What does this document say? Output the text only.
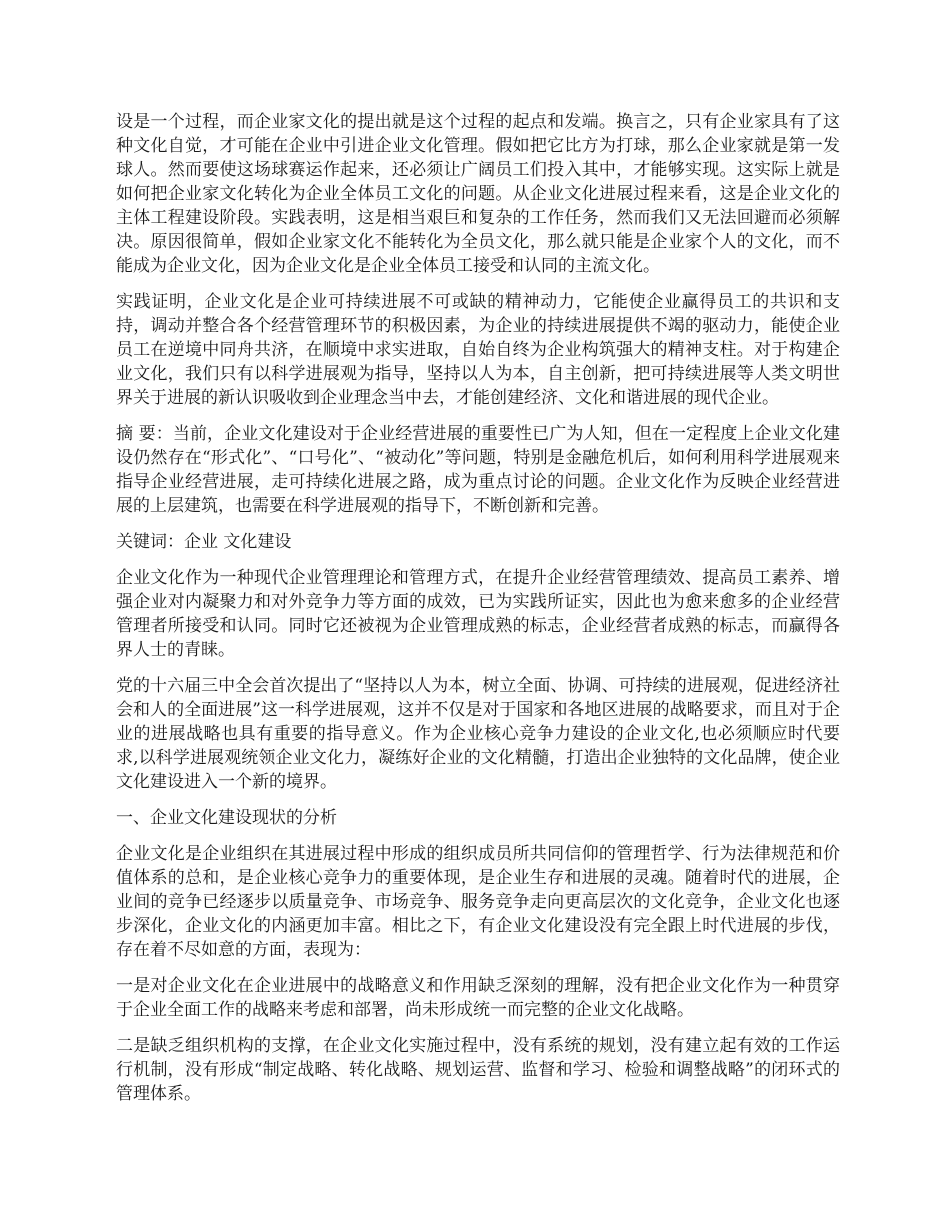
设是一个过程，而企业家文化的提出就是这个过程的起点和发端。换言之，只有企业家具有了这种文化自觉，才可能在企业中引进企业文化管理。假如把它比方为打球，那么企业家就是第一发球人。然而要使这场球赛运作起来，还必须让广阔员工们投入其中，才能够实现。这实际上就是如何把企业家文化转化为企业全体员工文化的问题。从企业文化进展过程来看，这是企业文化的主体工程建设阶段。实践表明，这是相当艰巨和复杂的工作任务，然而我们又无法回避而必须解决。原因很简单，假如企业家文化不能转化为全员文化，那么就只能是企业家个人的文化，而不能成为企业文化，因为企业文化是企业全体员工接受和认同的主流文化。

实践证明，企业文化是企业可持续进展不可或缺的精神动力，它能使企业赢得员工的共识和支持，调动并整合各个经营管理环节的积极因素，为企业的持续进展提供不竭的驱动力，能使企业员工在逆境中同舟共济，在顺境中求实进取，自始自终为企业构筑强大的精神支柱。对于构建企业文化，我们只有以科学进展观为指导，坚持以人为本，自主创新，把可持续进展等人类文明世界关于进展的新认识吸收到企业理念当中去，才能创建经济、文化和谐进展的现代企业。

摘 要：当前，企业文化建设对于企业经营进展的重要性已广为人知，但在一定程度上企业文化建设仍然存在“形式化”、“口号化”、“被动化”等问题，特别是金融危机后，如何利用科学进展观来指导企业经营进展，走可持续化进展之路，成为重点讨论的问题。企业文化作为反映企业经营进展的上层建筑，也需要在科学进展观的指导下，不断创新和完善。

关键词：企业 文化建设

企业文化作为一种现代企业管理理论和管理方式，在提升企业经营管理绩效、提高员工素养、增强企业对内凝聚力和对外竞争力等方面的成效，已为实践所证实，因此也为愈来愈多的企业经营管理者所接受和认同。同时它还被视为企业管理成熟的标志，企业经营者成熟的标志，而赢得各界人士的青睐。

党的十六届三中全会首次提出了“坚持以人为本，树立全面、协调、可持续的进展观，促进经济社会和人的全面进展”这一科学进展观，这并不仅是对于国家和各地区进展的战略要求，而且对于企业的进展战略也具有重要的指导意义。作为企业核心竞争力建设的企业文化,也必须顺应时代要求,以科学进展观统领企业文化力，凝练好企业的文化精髓，打造出企业独特的文化品牌，使企业文化建设进入一个新的境界。

一、企业文化建设现状的分析

企业文化是企业组织在其进展过程中形成的组织成员所共同信仰的管理哲学、行为法律规范和价值体系的总和，是企业核心竞争力的重要体现，是企业生存和进展的灵魂。随着时代的进展，企业间的竞争已经逐步以质量竞争、市场竞争、服务竞争走向更高层次的文化竞争，企业文化也逐步深化，企业文化的内涵更加丰富。相比之下，有企业文化建设没有完全跟上时代进展的步伐，存在着不尽如意的方面，表现为：

一是对企业文化在企业进展中的战略意义和作用缺乏深刻的理解，没有把企业文化作为一种贯穿于企业全面工作的战略来考虑和部署，尚未形成统一而完整的企业文化战略。

二是缺乏组织机构的支撑，在企业文化实施过程中，没有系统的规划，没有建立起有效的工作运行机制，没有形成“制定战略、转化战略、规划运营、监督和学习、检验和调整战略”的闭环式的管理体系。
